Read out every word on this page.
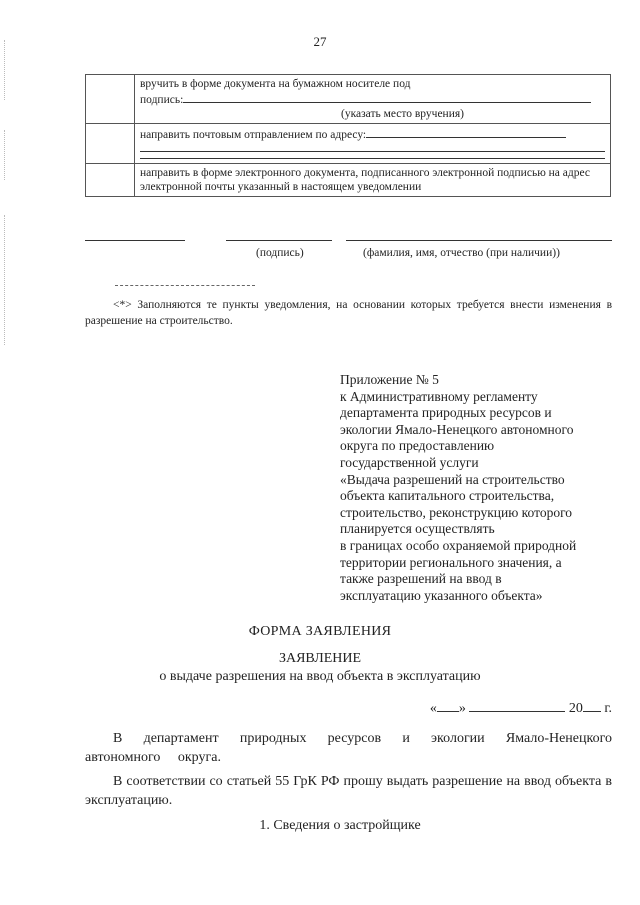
27

	вручить в форме документа на бумажном носителе под
подпись:
(указать место вручения)

	направить почтовым отправлением по адресу:

	направить в форме электронного документа, подписанного электронной подписью на адрес электронной почты указанный в настоящем уведомлении
(подпись)	(фамилия, имя, отчество (при наличии))
<*> Заполняются те пункты уведомления, на основании которых требуется внести изменения в разрешение на строительство.
Приложение № 5
к Административному регламенту
департамента природных ресурсов и
экологии Ямало-Ненецкого автономного
округа по предоставлению
государственной услуги
«Выдача разрешений на строительство
объекта капитального строительства,
строительство, реконструкцию которого
планируется осуществлять
в границах особо охраняемой природной
территории регионального значения, а
также разрешений на ввод в
эксплуатацию указанного объекта»
ФОРМА ЗАЯВЛЕНИЯ
ЗАЯВЛЕНИЕ
о выдаче разрешения на ввод объекта в эксплуатацию
« »	20 г.
В департамент природных ресурсов и экологии Ямало-Ненецкого автономного округа.
В соответствии со статьей 55 ГрК РФ прошу выдать разрешение на ввод объекта в эксплуатацию.
1. Сведения о застройщике
